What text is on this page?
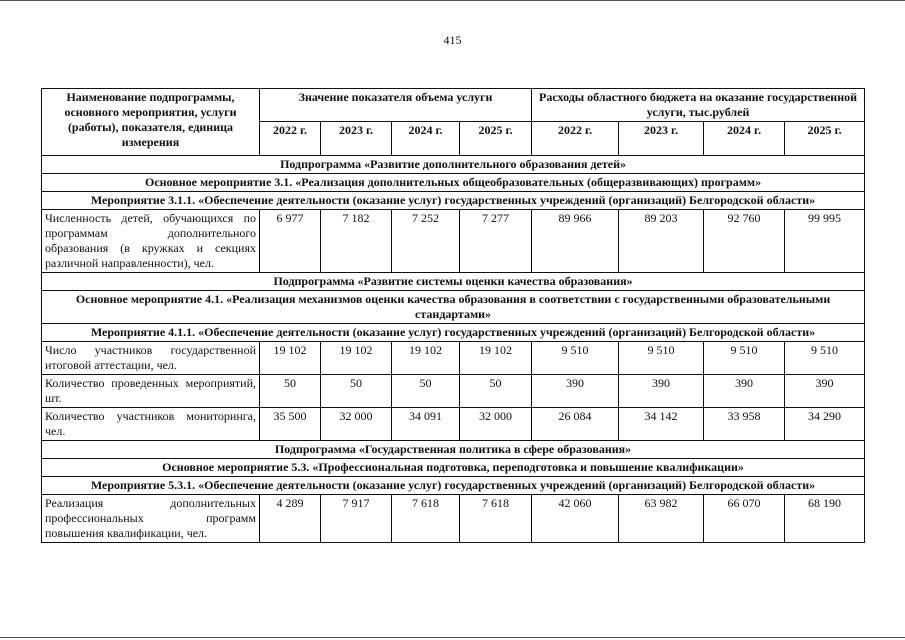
415
Наименование подпрограммы, основного мероприятия, услуги (работы), показателя, единица измерения	Значение показателя объема услуги				Расходы областного бюджета на оказание государственной услуги, тыс.рублей			
	2022 г.	2023 г.	2024 г.	2025 г.	2022 г.	2023 г.	2024 г.	2025 г.
Подпрограмма «Развитие дополнительного образования детей»								
Основное мероприятие 3.1. «Реализация дополнительных общеобразовательных (общеразвивающих) программ»								
Мероприятие 3.1.1. «Обеспечение деятельности (оказание услуг) государственных учреждений (организаций) Белгородской области»								
Численность детей, обучающихся по программам дополнительного образования (в кружках и секциях различной направленности), чел.	6 977	7 182	7 252	7 277	89 966	89 203	92 760	99 995
Подпрограмма «Развитие системы оценки качества образования»								
Основное мероприятие 4.1. «Реализация механизмов оценки качества образования в соответствии с государственными образовательными стандартами»								
Мероприятие 4.1.1. «Обеспечение деятельности (оказание услуг) государственных учреждений (организаций) Белгородской области»								
Число участников государственной итоговой аттестации, чел.	19 102	19 102	19 102	19 102	9 510	9 510	9 510	9 510
Количество проведенных мероприятий, шт.	50	50	50	50	390	390	390	390
Количество участников мониторинга, чел.	35 500	32 000	34 091	32 000	26 084	34 142	33 958	34 290
Подпрограмма «Государственная политика в сфере образования»								
Основное мероприятие 5.3. «Профессиональная подготовка, переподготовка и повышение квалификации»								
Мероприятие 5.3.1. «Обеспечение деятельности (оказание услуг) государственных учреждений (организаций) Белгородской области»								
Реализация дополнительных профессиональных программ повышения квалификации, чел.	4 289	7 917	7 618	7 618	42 060	63 982	66 070	68 190
